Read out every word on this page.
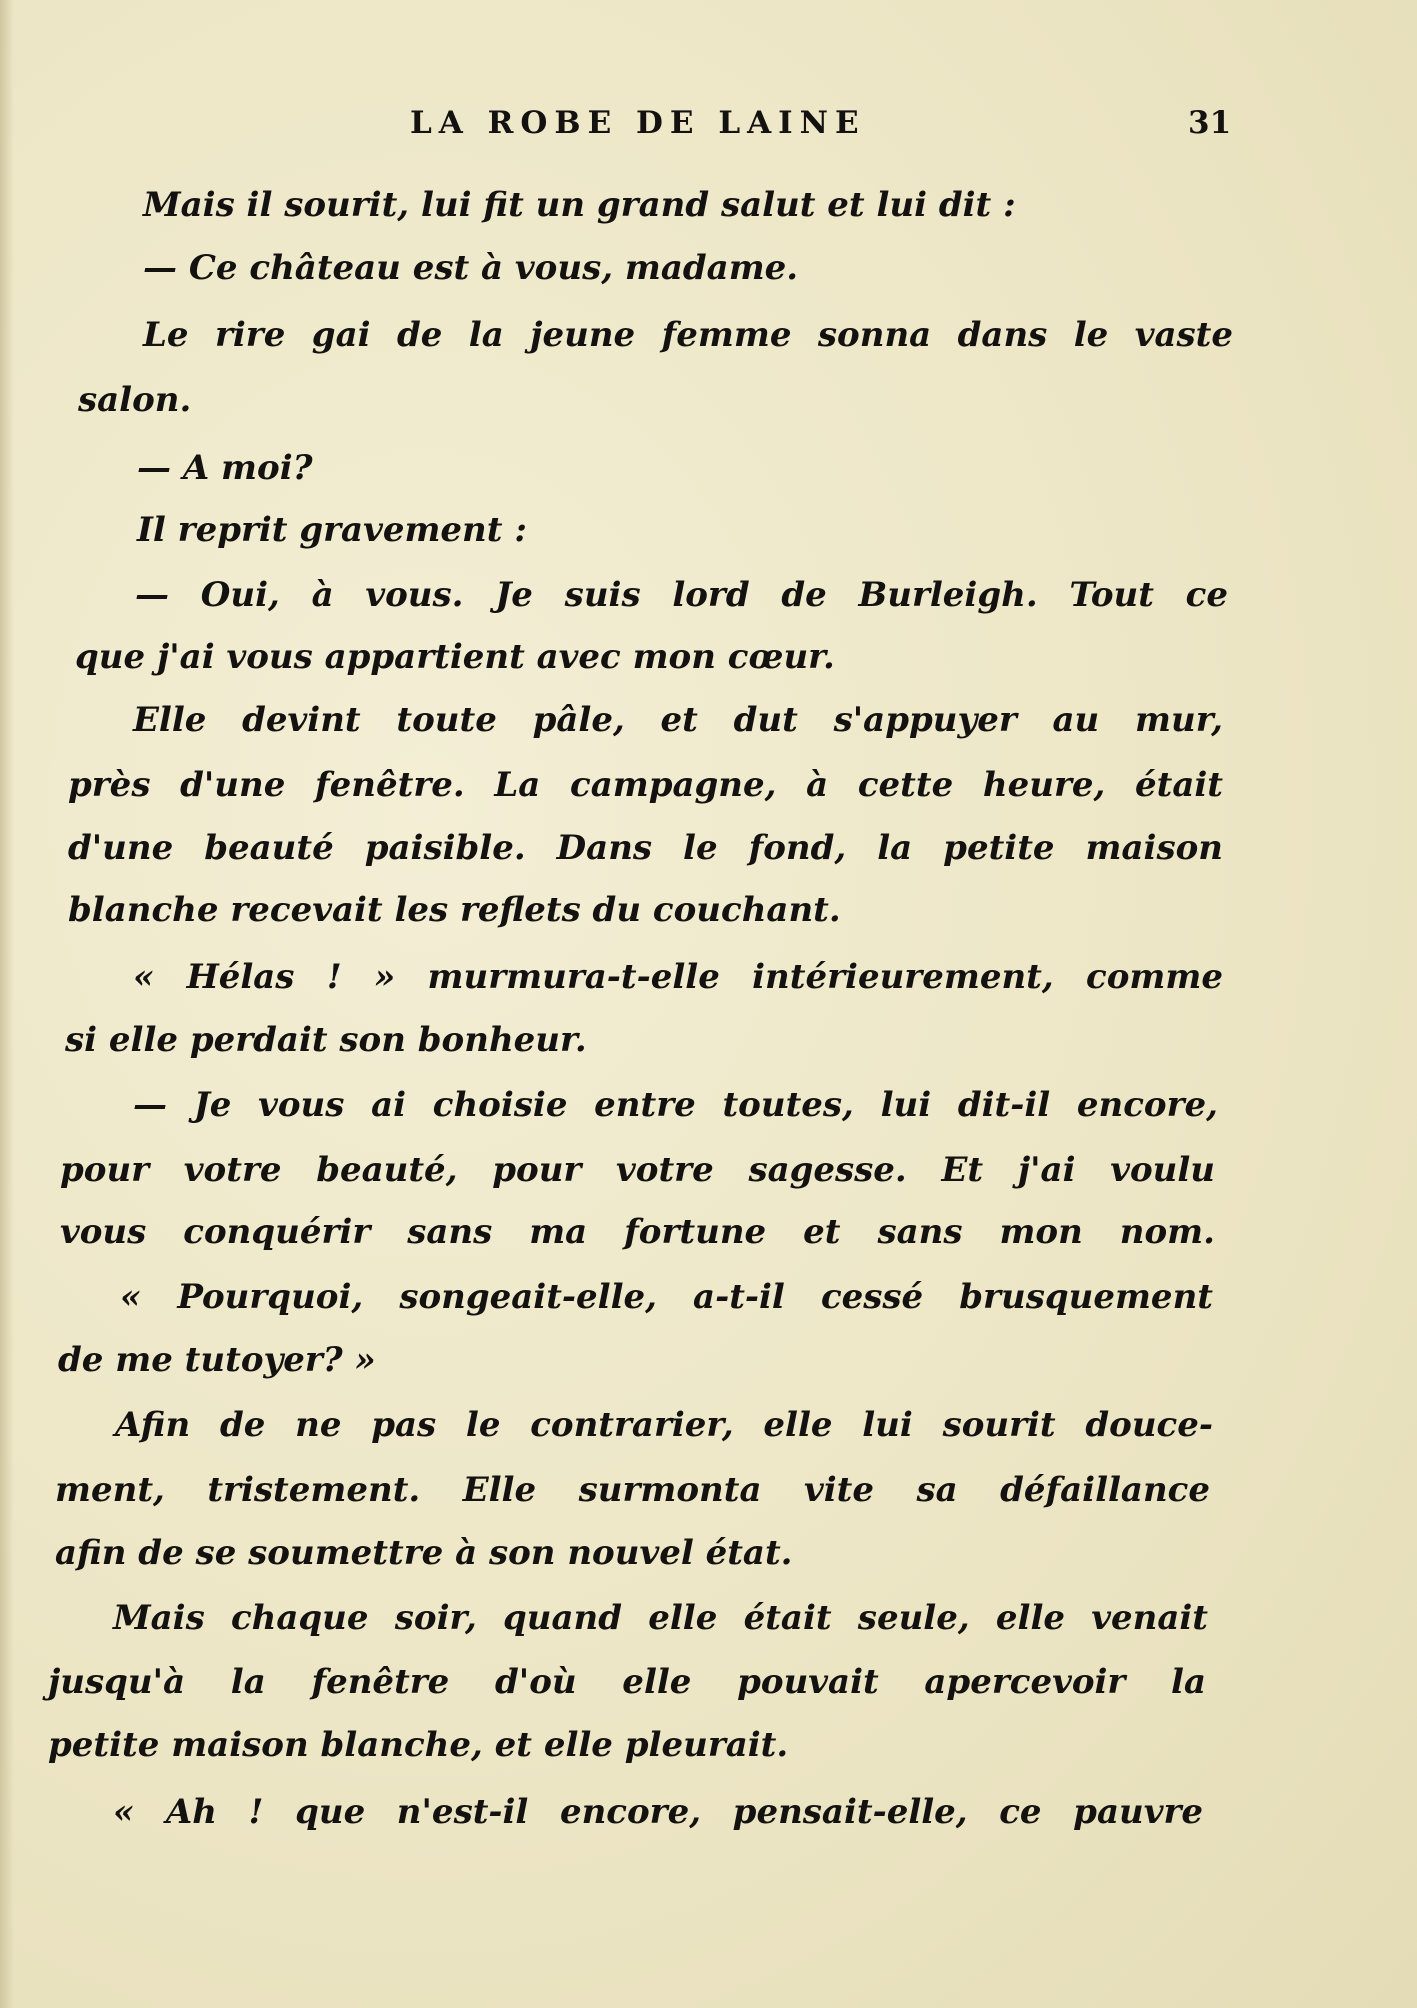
LA ROBE DE LAINE	31
Mais il sourit, lui fit un grand salut et lui dit :
— Ce château est à vous, madame.
Le rire gai de la jeune femme sonna dans le vaste
salon.
— A moi?
Il reprit gravement :
— Oui, à vous. Je suis lord de Burleigh. Tout ce
que j'ai vous appartient avec mon cœur.
Elle devint toute pâle, et dut s'appuyer au mur,
près d'une fenêtre. La campagne, à cette heure, était
d'une beauté paisible. Dans le fond, la petite maison
blanche recevait les reflets du couchant.
« Hélas ! » murmura-t-elle intérieurement, comme
si elle perdait son bonheur.
— Je vous ai choisie entre toutes, lui dit-il encore,
pour votre beauté, pour votre sagesse. Et j'ai voulu
vous conquérir sans ma fortune et sans mon nom.
« Pourquoi, songeait-elle, a-t-il cessé brusquement
de me tutoyer? »
Afin de ne pas le contrarier, elle lui sourit douce-
ment, tristement. Elle surmonta vite sa défaillance
afin de se soumettre à son nouvel état.
Mais chaque soir, quand elle était seule, elle venait
jusqu'à la fenêtre d'où elle pouvait apercevoir la
petite maison blanche, et elle pleurait.
« Ah ! que n'est-il encore, pensait-elle, ce pauvre
